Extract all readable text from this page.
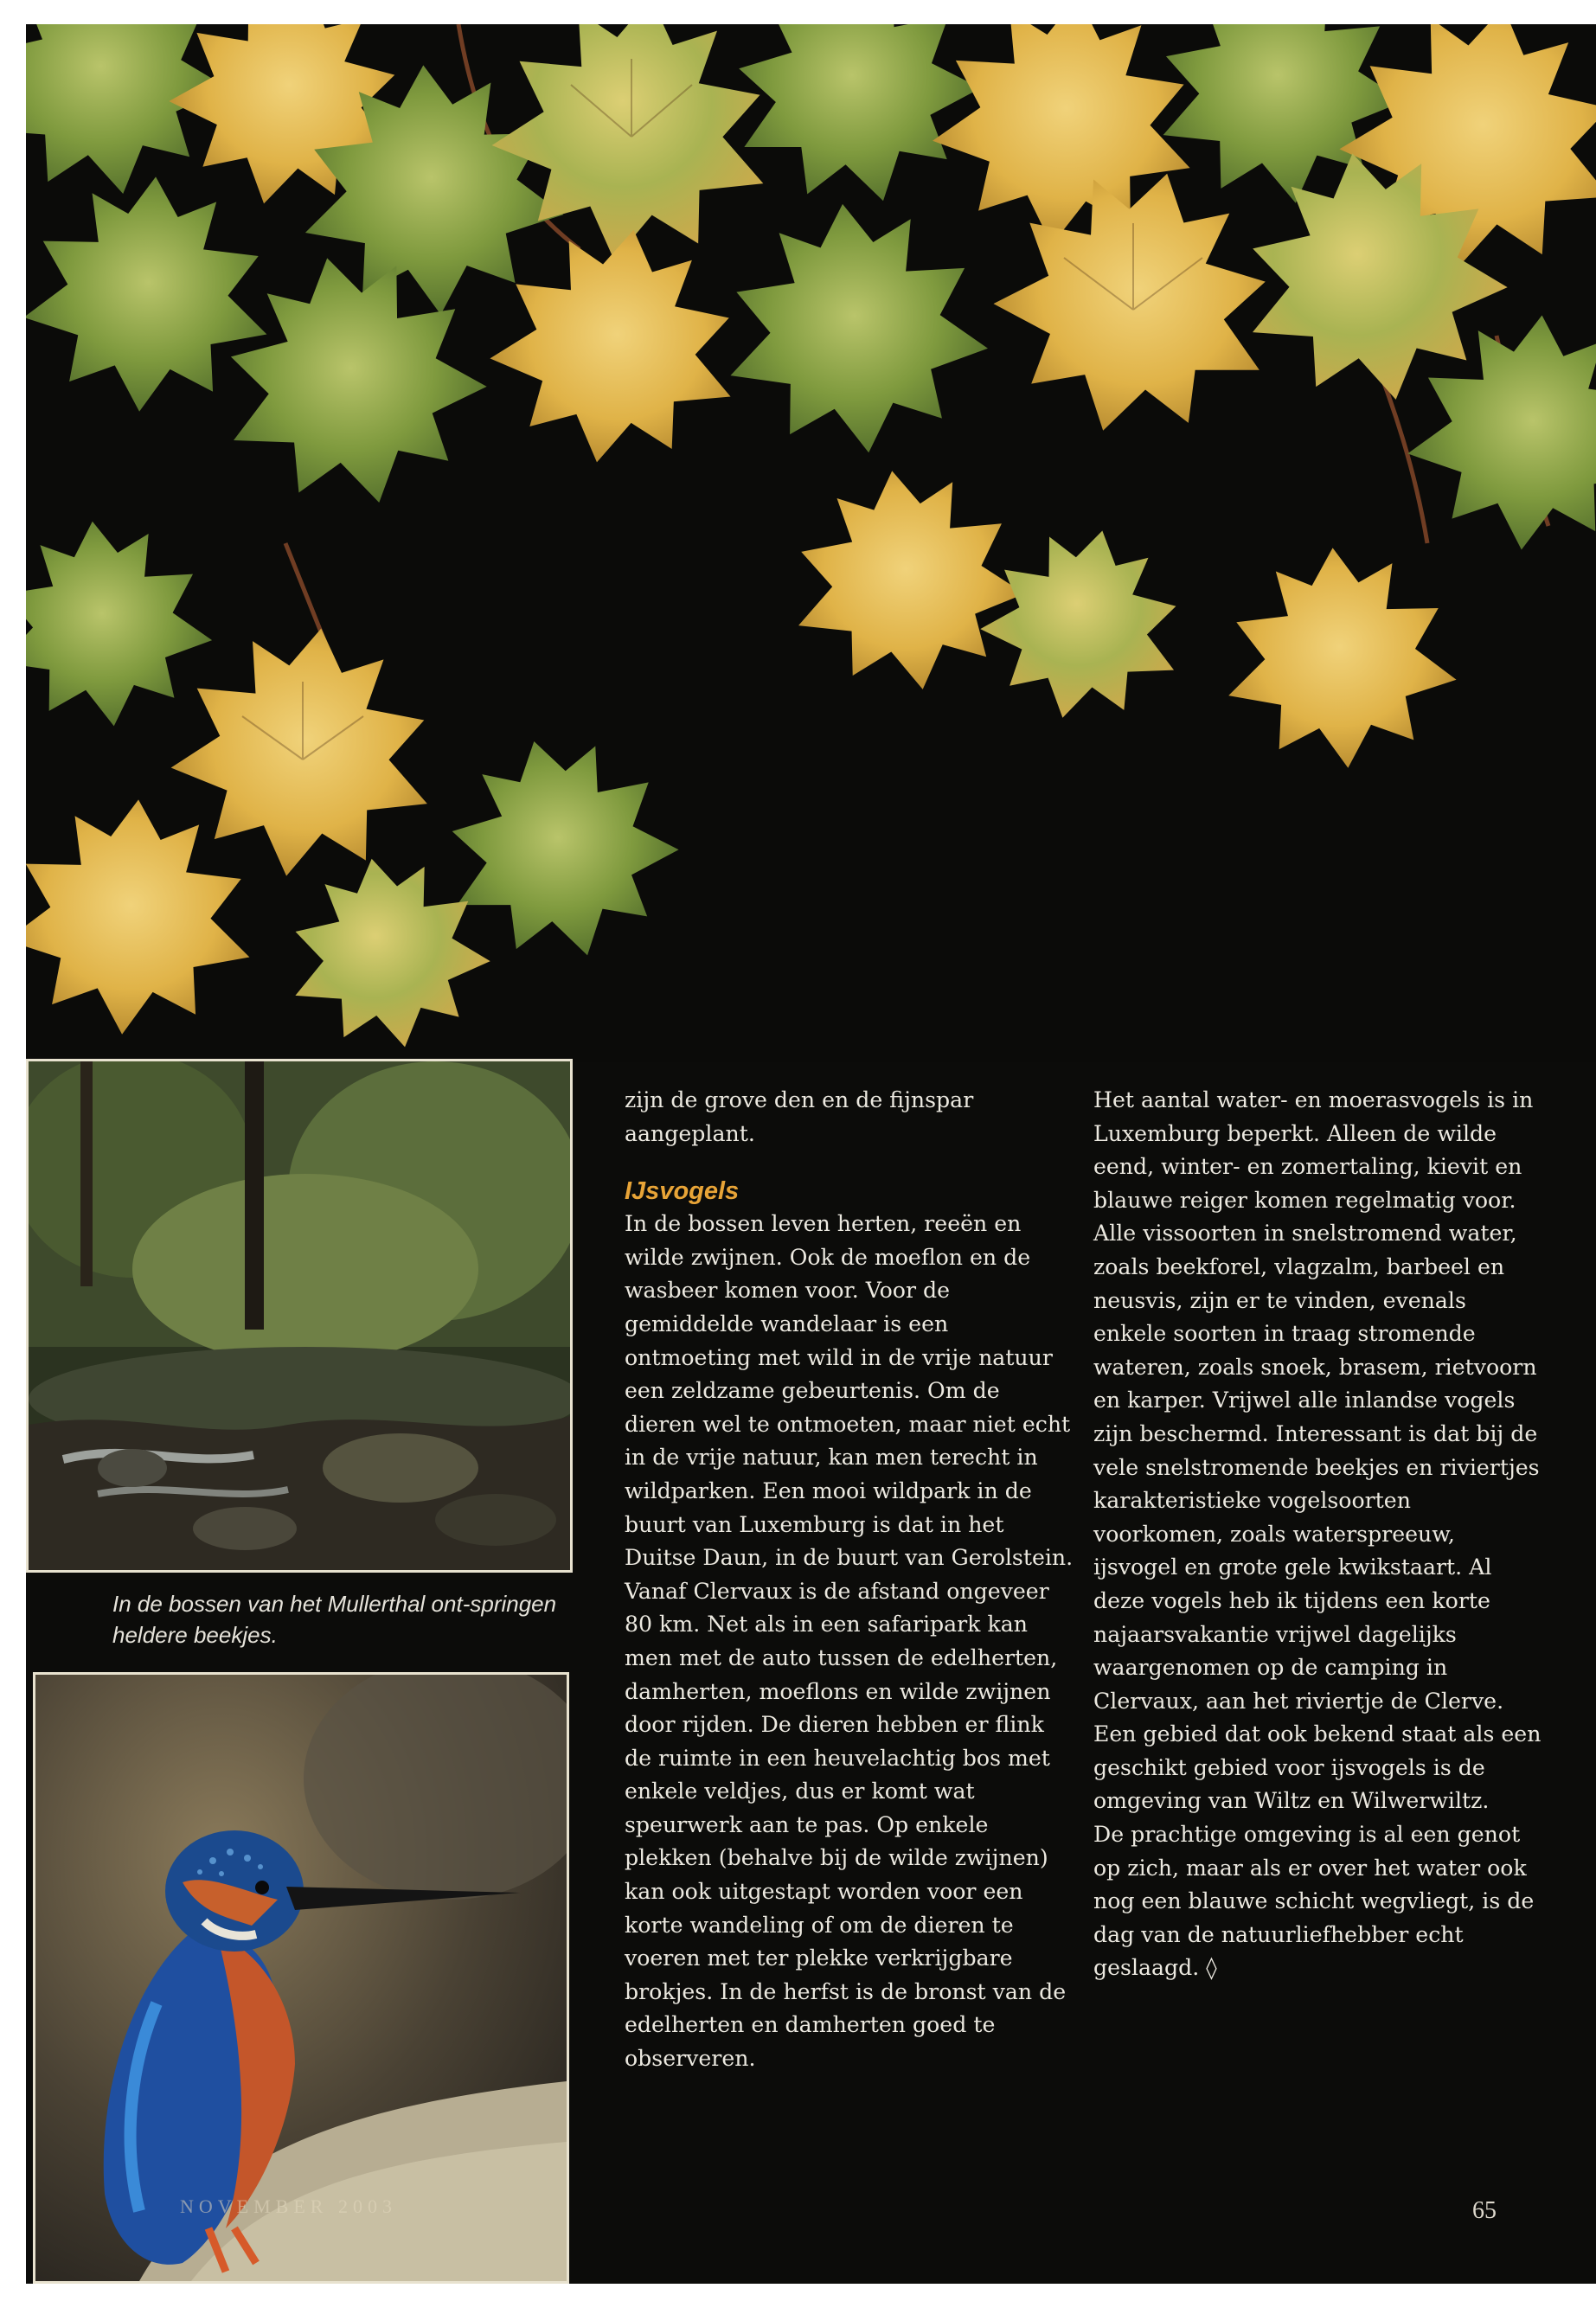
In de bossen van het Mullerthal ont-springen heldere beekjes.

zijn de grove den en de fijnspar aangeplant.

IJsvogels

In de bossen leven herten, reeën en wilde zwijnen. Ook de moeflon en de wasbeer komen voor. Voor de gemiddelde wandelaar is een ontmoeting met wild in de vrije natuur een zeldzame gebeurtenis. Om de dieren wel te ontmoeten, maar niet echt in de vrije natuur, kan men terecht in wildparken. Een mooi wildpark in de buurt van Luxemburg is dat in het Duitse Daun, in de buurt van Gerolstein. Vanaf Clervaux is de afstand ongeveer 80 km. Net als in een safaripark kan men met de auto tussen de edelherten, damherten, moeflons en wilde zwijnen door rijden. De dieren hebben er flink de ruimte in een heuvelachtig bos met enkele veldjes, dus er komt wat speurwerk aan te pas. Op enkele plekken (behalve bij de wilde zwijnen) kan ook uitgestapt worden voor een korte wandeling of om de dieren te voeren met ter plekke verkrijgbare brokjes. In de herfst is de bronst van de edelherten en damherten goed te observeren.

Het aantal water- en moerasvogels is in Luxemburg beperkt. Alleen de wilde eend, winter- en zomertaling, kievit en blauwe reiger komen regelmatig voor. Alle vissoorten in snelstromend water, zoals beekforel, vlagzalm, barbeel en neusvis, zijn er te vinden, evenals enkele soorten in traag stromende wateren, zoals snoek, brasem, rietvoorn en karper. Vrijwel alle inlandse vogels zijn beschermd. Interessant is dat bij de vele snelstromende beekjes en riviertjes karakteristieke vogelsoorten voorkomen, zoals waterspreeuw, ijsvogel en grote gele kwikstaart. Al deze vogels heb ik tijdens een korte najaarsvakantie vrijwel dagelijks waargenomen op de camping in Clervaux, aan het riviertje de Clerve. Een gebied dat ook bekend staat als een geschikt gebied voor ijsvogels is de omgeving van Wiltz en Wilwerwiltz.

De prachtige omgeving is al een genot op zich, maar als er over het water ook nog een blauwe schicht wegvliegt, is de dag van de natuurliefhebber echt geslaagd. ◊

NOVEMBER 2003	65
